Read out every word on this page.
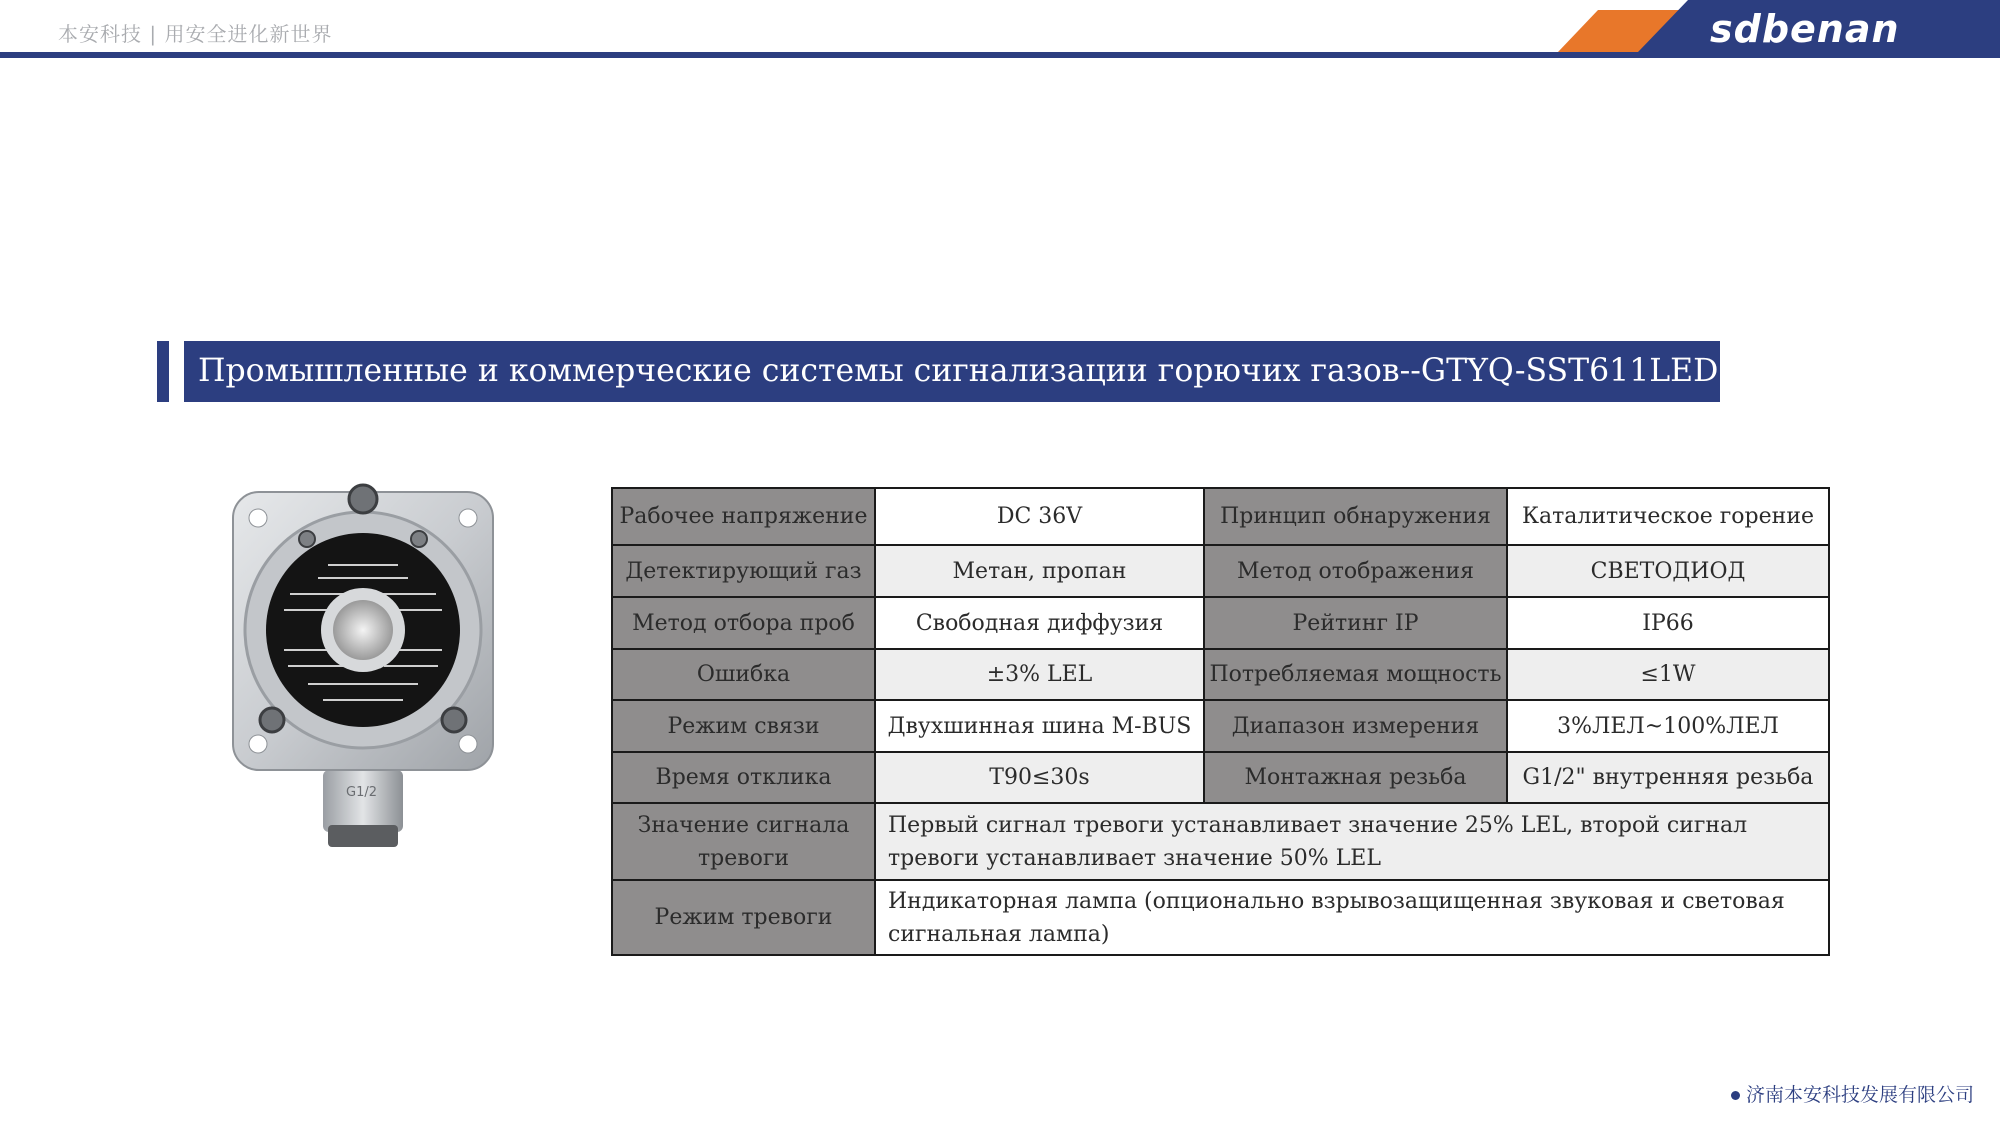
本安科技 | 用安全进化新世界	sdbenan
Промышленные и коммерческие системы сигнализации горючих газов--GTYQ-SST611LED-E
G1/2
Рабочее напряжение	DC 36V	Принцип обнаружения	Каталитическое горение
Детектирующий газ	Метан, пропан	Метод отображения	СВЕТОДИОД
Метод отбора проб	Свободная диффузия	Рейтинг IP	IP66
Ошибка	±3% LEL	Потребляемая мощность	≤1W
Режим связи	Двухшинная шина M-BUS	Диапазон измерения	3%ЛЕЛ~100%ЛЕЛ
Время отклика	T90≤30s	Монтажная резьба	G1/2" внутренняя резьба
Значение сигнала тревоги	Первый сигнал тревоги устанавливает значение 25% LEL, второй сигнал тревоги устанавливает значение 50% LEL		
Режим тревоги	Индикаторная лампа (опционально взрывозащищенная звуковая и световая сигнальная лампа)		
济南本安科技发展有限公司
